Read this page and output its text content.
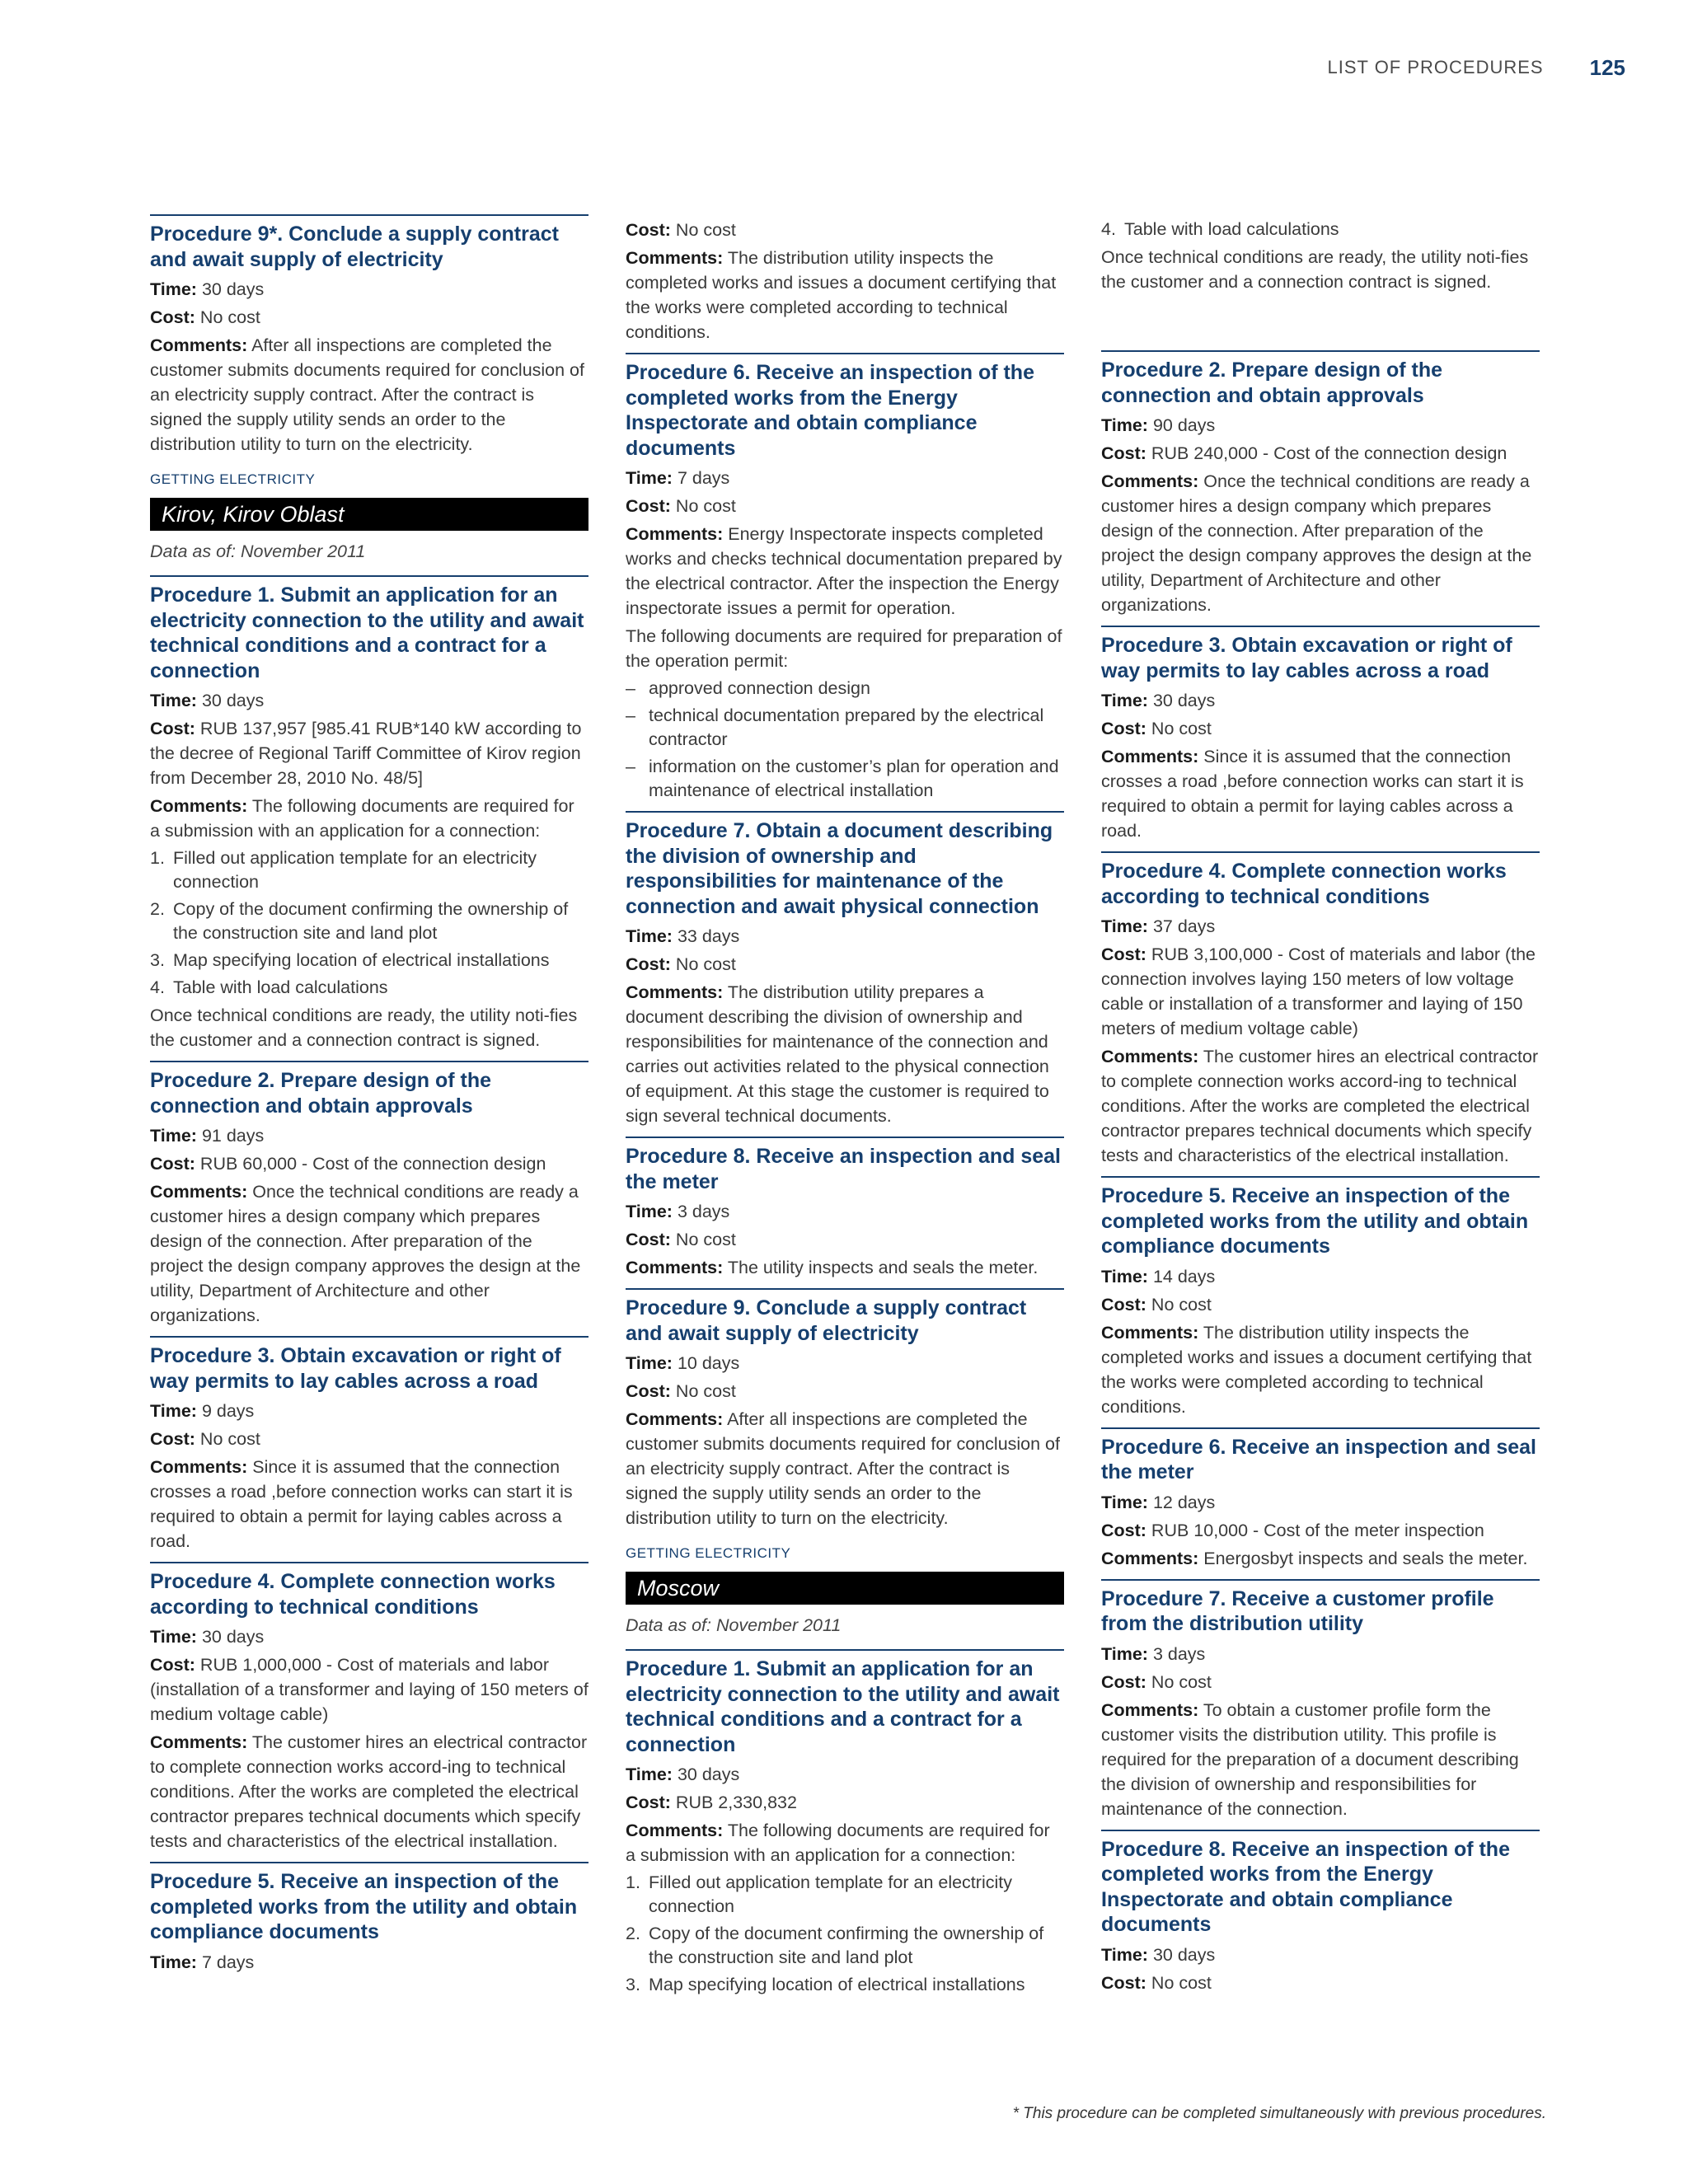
LIST OF PROCEDURES 125
Procedure 9*. Conclude a supply contract and await supply of electricity
Time: 30 days
Cost: No cost
Comments: After all inspections are completed the customer submits documents required for conclusion of an electricity supply contract. After the contract is signed the supply utility sends an order to the distribution utility to turn on the electricity.
GETTING ELECTRICITY
Kirov, Kirov Oblast
Data as of: November 2011
Procedure 1. Submit an application for an electricity connection to the utility and await technical conditions and a contract for a connection
Time: 30 days
Cost: RUB 137,957 [985.41 RUB*140 kW according to the decree of Regional Tariff Committee of Kirov region from December 28, 2010 No. 48/5]
Comments: The following documents are required for a submission with an application for a connection:
1. Filled out application template for an electricity connection
2. Copy of the document confirming the ownership of the construction site and land plot
3. Map specifying location of electrical installations
4. Table with load calculations
Once technical conditions are ready, the utility noti-fies the customer and a connection contract is signed.
Procedure 2. Prepare design of the connection and obtain approvals
Time: 91 days
Cost: RUB 60,000 - Cost of the connection design
Comments: Once the technical conditions are ready a customer hires a design company which prepares design of the connection. After preparation of the project the design company approves the design at the utility, Department of Architecture and other organizations.
Procedure 3. Obtain excavation or right of way permits to lay cables across a road
Time: 9 days
Cost: No cost
Comments: Since it is assumed that the connection crosses a road ,before connection works can start it is required to obtain a permit for laying cables across a road.
Procedure 4. Complete connection works according to technical conditions
Time: 30 days
Cost: RUB 1,000,000 - Cost of materials and labor (installation of a transformer and laying of 150 meters of medium voltage cable)
Comments: The customer hires an electrical contractor to complete connection works accord-ing to technical conditions. After the works are completed the electrical contractor prepares technical documents which specify tests and characteristics of the electrical installation.
Procedure 5. Receive an inspection of the completed works from the utility and obtain compliance documents
Time: 7 days
Cost: No cost
Comments: The distribution utility inspects the completed works and issues a document certifying that the works were completed according to technical conditions.
Procedure 6. Receive an inspection of the completed works from the Energy Inspectorate and obtain compliance documents
Time: 7 days
Cost: No cost
Comments: Energy Inspectorate inspects completed works and checks technical documentation prepared by the electrical contractor. After the inspection the Energy inspectorate issues a permit for operation.
The following documents are required for preparation of the operation permit:
– approved connection design
– technical documentation prepared by the electrical contractor
– information on the customer’s plan for operation and maintenance of electrical installation
Procedure 7. Obtain a document describing the division of ownership and responsibilities for maintenance of the connection and await physical connection
Time: 33 days
Cost: No cost
Comments: The distribution utility prepares a document describing the division of ownership and responsibilities for maintenance of the connection and carries out activities related to the physical connection of equipment. At this stage the customer is required to sign several technical documents.
Procedure 8. Receive an inspection and seal the meter
Time: 3 days
Cost: No cost
Comments: The utility inspects and seals the meter.
Procedure 9. Conclude a supply contract and await supply of electricity
Time: 10 days
Cost: No cost
Comments: After all inspections are completed the customer submits documents required for conclusion of an electricity supply contract. After the contract is signed the supply utility sends an order to the distribution utility to turn on the electricity.
GETTING ELECTRICITY
Moscow
Data as of: November 2011
Procedure 1. Submit an application for an electricity connection to the utility and await technical conditions and a contract for a connection
Time: 30 days
Cost: RUB 2,330,832
Comments: The following documents are required for a submission with an application for a connection:
1. Filled out application template for an electricity connection
2. Copy of the document confirming the ownership of the construction site and land plot
3. Map specifying location of electrical installations
4. Table with load calculations
Once technical conditions are ready, the utility noti-fies the customer and a connection contract is signed.
Procedure 2. Prepare design of the connection and obtain approvals
Time: 90 days
Cost: RUB 240,000 - Cost of the connection design
Comments: Once the technical conditions are ready a customer hires a design company which prepares design of the connection. After preparation of the project the design company approves the design at the utility, Department of Architecture and other organizations.
Procedure 3. Obtain excavation or right of way permits to lay cables across a road
Time: 30 days
Cost: No cost
Comments: Since it is assumed that the connection crosses a road ,before connection works can start it is required to obtain a permit for laying cables across a road.
Procedure 4. Complete connection works according to technical conditions
Time: 37 days
Cost: RUB 3,100,000 - Cost of materials and labor (the connection involves laying 150 meters of low voltage cable or installation of a transformer and laying of 150 meters of medium voltage cable)
Comments: The customer hires an electrical contractor to complete connection works accord-ing to technical conditions. After the works are completed the electrical contractor prepares technical documents which specify tests and characteristics of the electrical installation.
Procedure 5. Receive an inspection of the completed works from the utility and obtain compliance documents
Time: 14 days
Cost: No cost
Comments: The distribution utility inspects the completed works and issues a document certifying that the works were completed according to technical conditions.
Procedure 6. Receive an inspection and seal the meter
Time: 12 days
Cost: RUB 10,000 - Cost of the meter inspection
Comments: Energosbyt inspects and seals the meter.
Procedure 7. Receive a customer profile from the distribution utility
Time: 3 days
Cost: No cost
Comments: To obtain a customer profile form the customer visits the distribution utility. This profile is required for the preparation of a document describing the division of ownership and responsibilities for maintenance of the connection.
Procedure 8. Receive an inspection of the completed works from the Energy Inspectorate and obtain compliance documents
Time: 30 days
Cost: No cost
* This procedure can be completed simultaneously with previous procedures.
